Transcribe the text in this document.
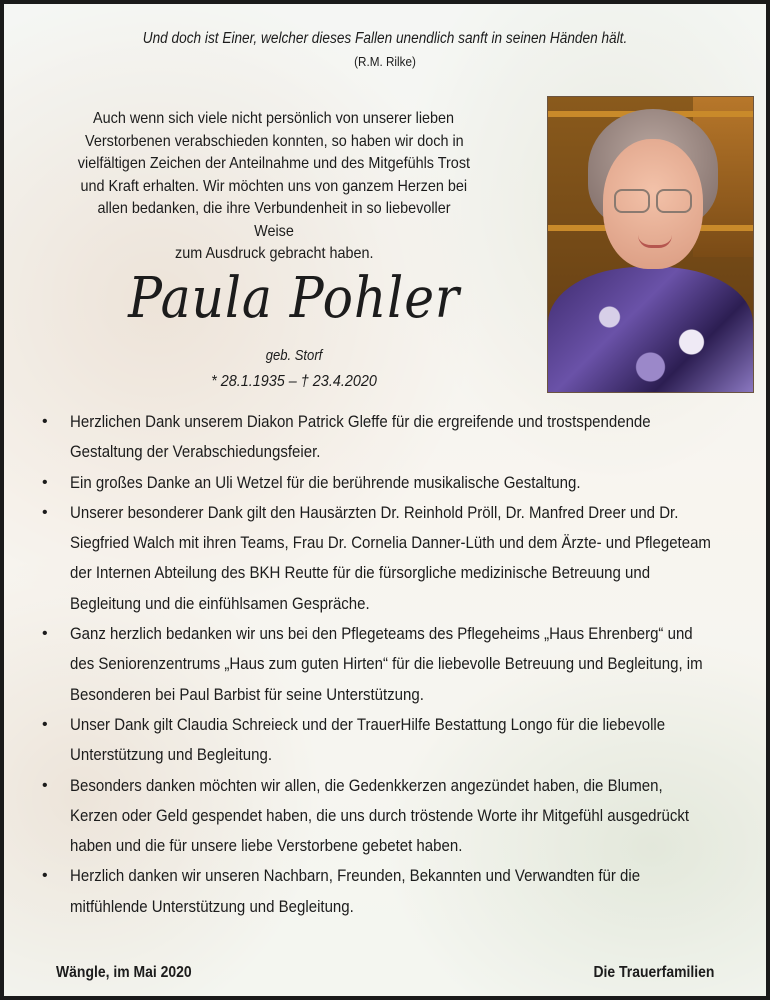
Und doch ist Einer, welcher dieses Fallen unendlich sanft in seinen Händen hält.
(R.M. Rilke)
Auch wenn sich viele nicht persönlich von unserer lieben
Verstorbenen verabschieden konnten, so haben wir doch in
vielfältigen Zeichen der Anteilnahme und des Mitgefühls Trost
und Kraft erhalten. Wir möchten uns von ganzem Herzen bei
allen bedanken, die ihre Verbundenheit in so liebevoller Weise
zum Ausdruck gebracht haben.
Paula Pohler
geb. Storf
* 28.1.1935 – † 23.4.2020
• Herzlichen Dank unserem Diakon Patrick Gleffe für die ergreifende und trostspendende Gestaltung der Verabschiedungsfeier.
• Ein großes Danke an Uli Wetzel für die berührende musikalische Gestaltung.
• Unserer besonderer Dank gilt den Hausärzten Dr. Reinhold Pröll, Dr. Manfred Dreer und Dr. Siegfried Walch mit ihren Teams, Frau Dr. Cornelia Danner-Lüth und dem Ärzte- und Pflegeteam der Internen Abteilung des BKH Reutte für die fürsorgliche medizinische Betreuung und Begleitung und die einfühlsamen Gespräche.
• Ganz herzlich bedanken wir uns bei den Pflegeteams des Pflegeheims „Haus Ehrenberg“ und des Seniorenzentrums „Haus zum guten Hirten“ für die liebevolle Betreuung und Begleitung, im Besonderen bei Paul Barbist für seine Unterstützung.
• Unser Dank gilt Claudia Schreieck und der TrauerHilfe Bestattung Longo für die liebevolle Unterstützung und Begleitung.
• Besonders danken möchten wir allen, die Gedenkkerzen angezündet haben, die Blumen, Kerzen oder Geld gespendet haben, die uns durch tröstende Worte ihr Mitgefühl ausgedrückt haben und die für unsere liebe Verstorbene gebetet haben.
• Herzlich danken wir unseren Nachbarn, Freunden, Bekannten und Verwandten für die mitfühlende Unterstützung und Begleitung.
Wängle, im Mai 2020	Die Trauerfamilien
